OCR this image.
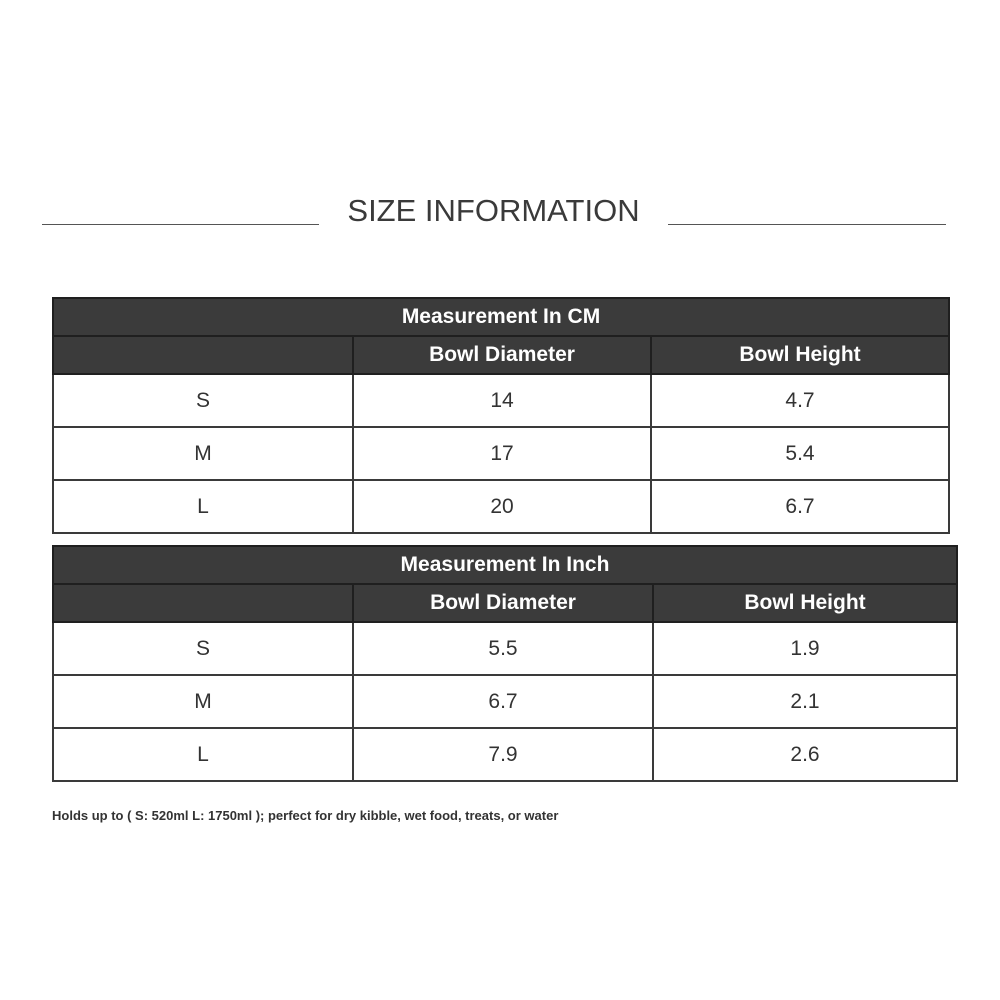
SIZE INFORMATION
Measurement In CM		
	Bowl Diameter	Bowl Height
S	14	4.7
M	17	5.4
L	20	6.7
Measurement In Inch		
	Bowl Diameter	Bowl Height
S	5.5	1.9
M	6.7	2.1
L	7.9	2.6
Holds up to ( S: 520ml L: 1750ml ); perfect for dry kibble, wet food, treats, or water
